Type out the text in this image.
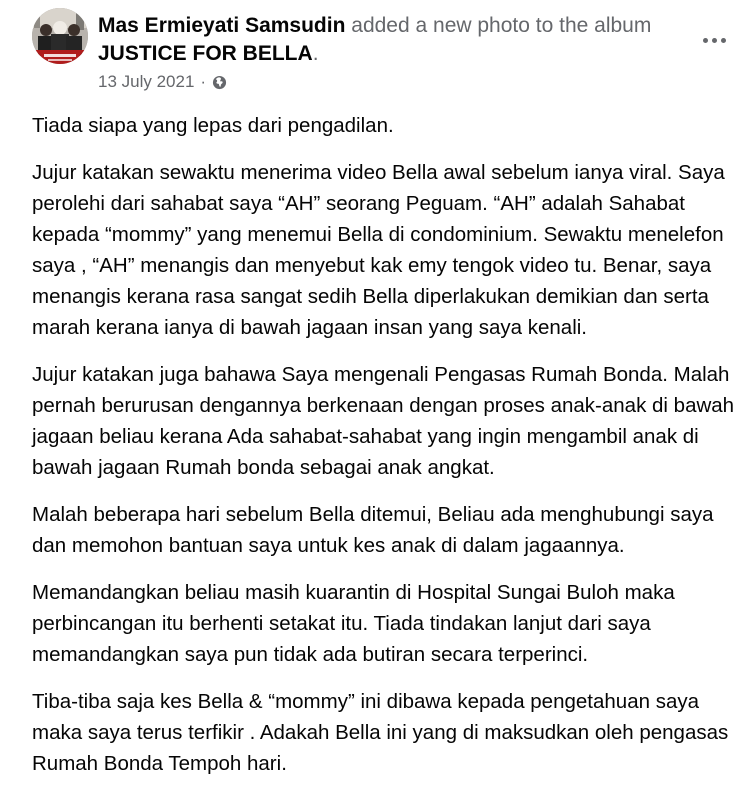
Mas Ermieyati Samsudin added a new photo to the album JUSTICE FOR BELLA.
13 July 2021 ·

Tiada siapa yang lepas dari pengadilan.

Jujur katakan sewaktu menerima video Bella awal sebelum ianya viral. Saya perolehi dari sahabat saya “AH” seorang Peguam. “AH” adalah Sahabat kepada “mommy” yang menemui Bella di condominium. Sewaktu menelefon saya , “AH” menangis dan menyebut kak emy tengok video tu. Benar, saya menangis kerana rasa sangat sedih Bella diperlakukan demikian dan serta marah kerana ianya di bawah jagaan insan yang saya kenali.

Jujur katakan juga bahawa Saya mengenali Pengasas Rumah Bonda. Malah pernah berurusan dengannya berkenaan dengan proses anak-anak di bawah jagaan beliau kerana Ada sahabat-sahabat yang ingin mengambil anak di bawah jagaan Rumah bonda sebagai anak angkat.

Malah beberapa hari sebelum Bella ditemui, Beliau ada menghubungi saya dan memohon bantuan saya untuk kes anak di dalam jagaannya.

Memandangkan beliau masih kuarantin di Hospital Sungai Buloh maka perbincangan itu berhenti setakat itu. Tiada tindakan lanjut dari saya memandangkan saya pun tidak ada butiran secara terperinci.

Tiba-tiba saja kes Bella & “mommy” ini dibawa kepada pengetahuan saya maka saya terus terfikir . Adakah Bella ini yang di maksudkan oleh pengasas Rumah Bonda Tempoh hari.
